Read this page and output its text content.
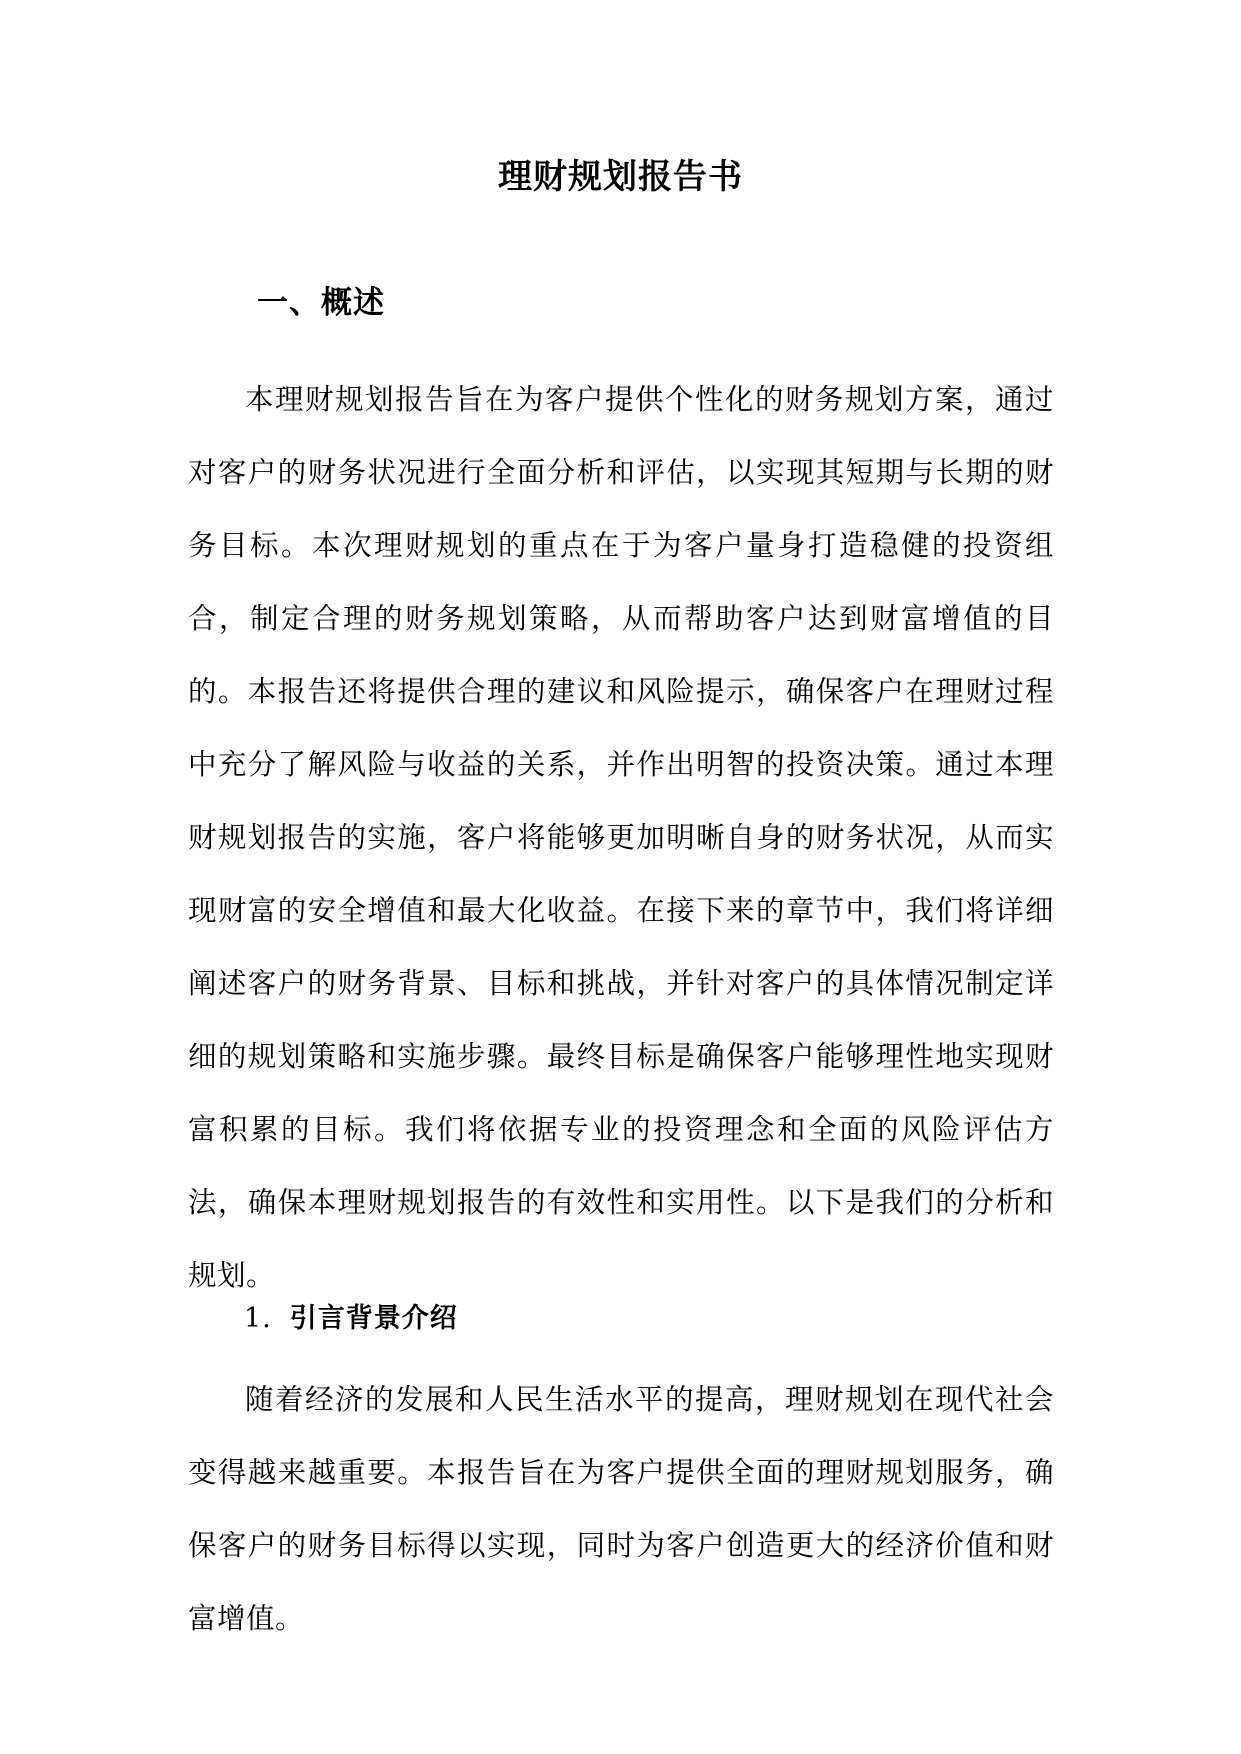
理财规划报告书
一、概述

本理财规划报告旨在为客户提供个性化的财务规划方案，通过对客户的财务状况进行全面分析和评估，以实现其短期与长期的财务目标。本次理财规划的重点在于为客户量身打造稳健的投资组合，制定合理的财务规划策略，从而帮助客户达到财富增值的目的。本报告还将提供合理的建议和风险提示，确保客户在理财过程中充分了解风险与收益的关系，并作出明智的投资决策。通过本理财规划报告的实施，客户将能够更加明晰自身的财务状况，从而实现财富的安全增值和最大化收益。在接下来的章节中，我们将详细阐述客户的财务背景、目标和挑战，并针对客户的具体情况制定详细的规划策略和实施步骤。最终目标是确保客户能够理性地实现财富积累的目标。我们将依据专业的投资理念和全面的风险评估方法，确保本理财规划报告的有效性和实用性。以下是我们的分析和规划。

1. 引言背景介绍

随着经济的发展和人民生活水平的提高，理财规划在现代社会变得越来越重要。本报告旨在为客户提供全面的理财规划服务，确保客户的财务目标得以实现，同时为客户创造更大的经济价值和财富增值。
